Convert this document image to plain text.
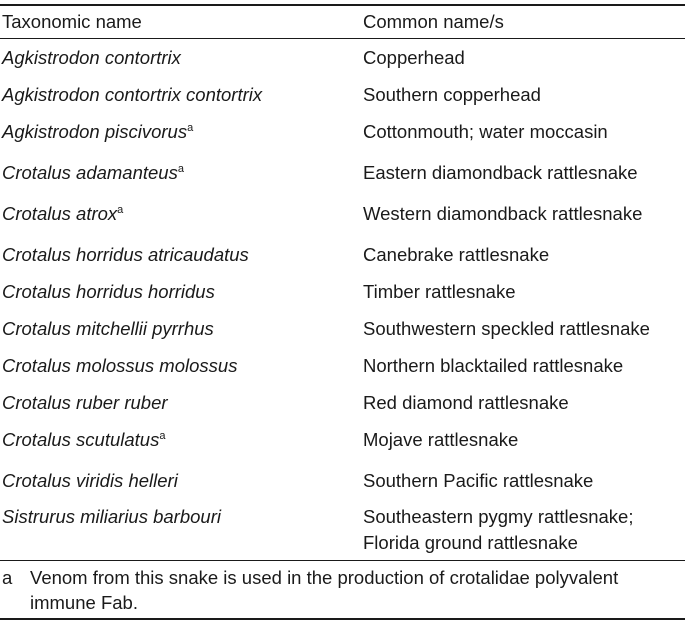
Taxonomic name	Common name/s
Agkistrodon contortrix	Copperhead
Agkistrodon contortrix contortrix	Southern copperhead
Agkistrodon piscivorus$^a$	Cottonmouth; water moccasin
Crotalus adamanteus$^a$	Eastern diamondback rattlesnake
Crotalus atrox$^a$	Western diamondback rattlesnake
Crotalus horridus atricaudatus	Canebrake rattlesnake
Crotalus horridus horridus	Timber rattlesnake
Crotalus mitchellii pyrrhus	Southwestern speckled rattlesnake
Crotalus molossus molossus	Northern blacktailed rattlesnake
Crotalus ruber ruber	Red diamond rattlesnake
Crotalus scutulatus$^a$	Mojave rattlesnake
Crotalus viridis helleri	Southern Pacific rattlesnake
Sistrurus miliarius barbouri	Southeastern pygmy rattlesnake;
Florida ground rattlesnake
a Venom from this snake is used in the production of crotalidae polyvalent immune Fab.
